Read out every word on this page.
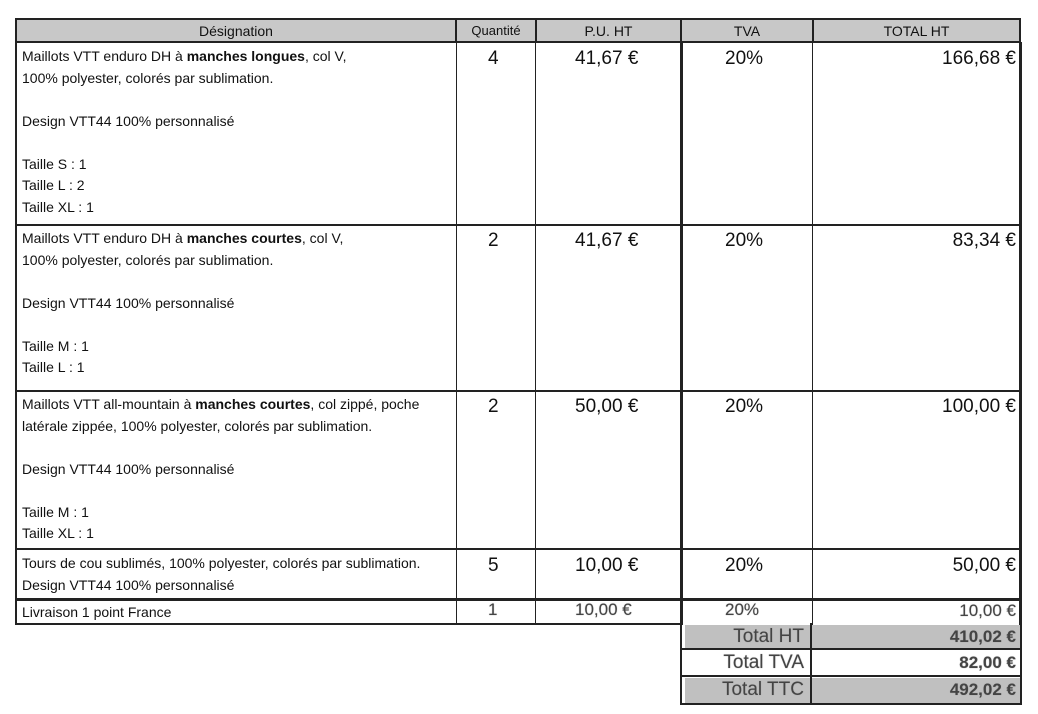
Désignation	Quantité	P.U. HT	TVA	TOTAL HT
Maillots VTT enduro DH à manches longues, col V,
100% polyester, colorés par sublimation.

Design VTT44 100% personnalisé

Taille S : 1
Taille L : 2
Taille XL : 1
4	41,67 €	20%	166,68 €
Maillots VTT enduro DH à manches courtes, col V,
100% polyester, colorés par sublimation.

Design VTT44 100% personnalisé

Taille M : 1
Taille L : 1
2	41,67 €	20%	83,34 €
Maillots VTT all-mountain à manches courtes, col zippé, poche
latérale zippée, 100% polyester, colorés par sublimation.

Design VTT44 100% personnalisé

Taille M : 1
Taille XL : 1
2	50,00 €	20%	100,00 €
Tours de cou sublimés, 100% polyester, colorés par sublimation.
Design VTT44 100% personnalisé
5	10,00 €	20%	50,00 €
Livraison 1 point France	1	10,00 €	20%	10,00 €
Total HT	410,02 €
Total TVA	82,00 €
Total TTC	492,02 €
